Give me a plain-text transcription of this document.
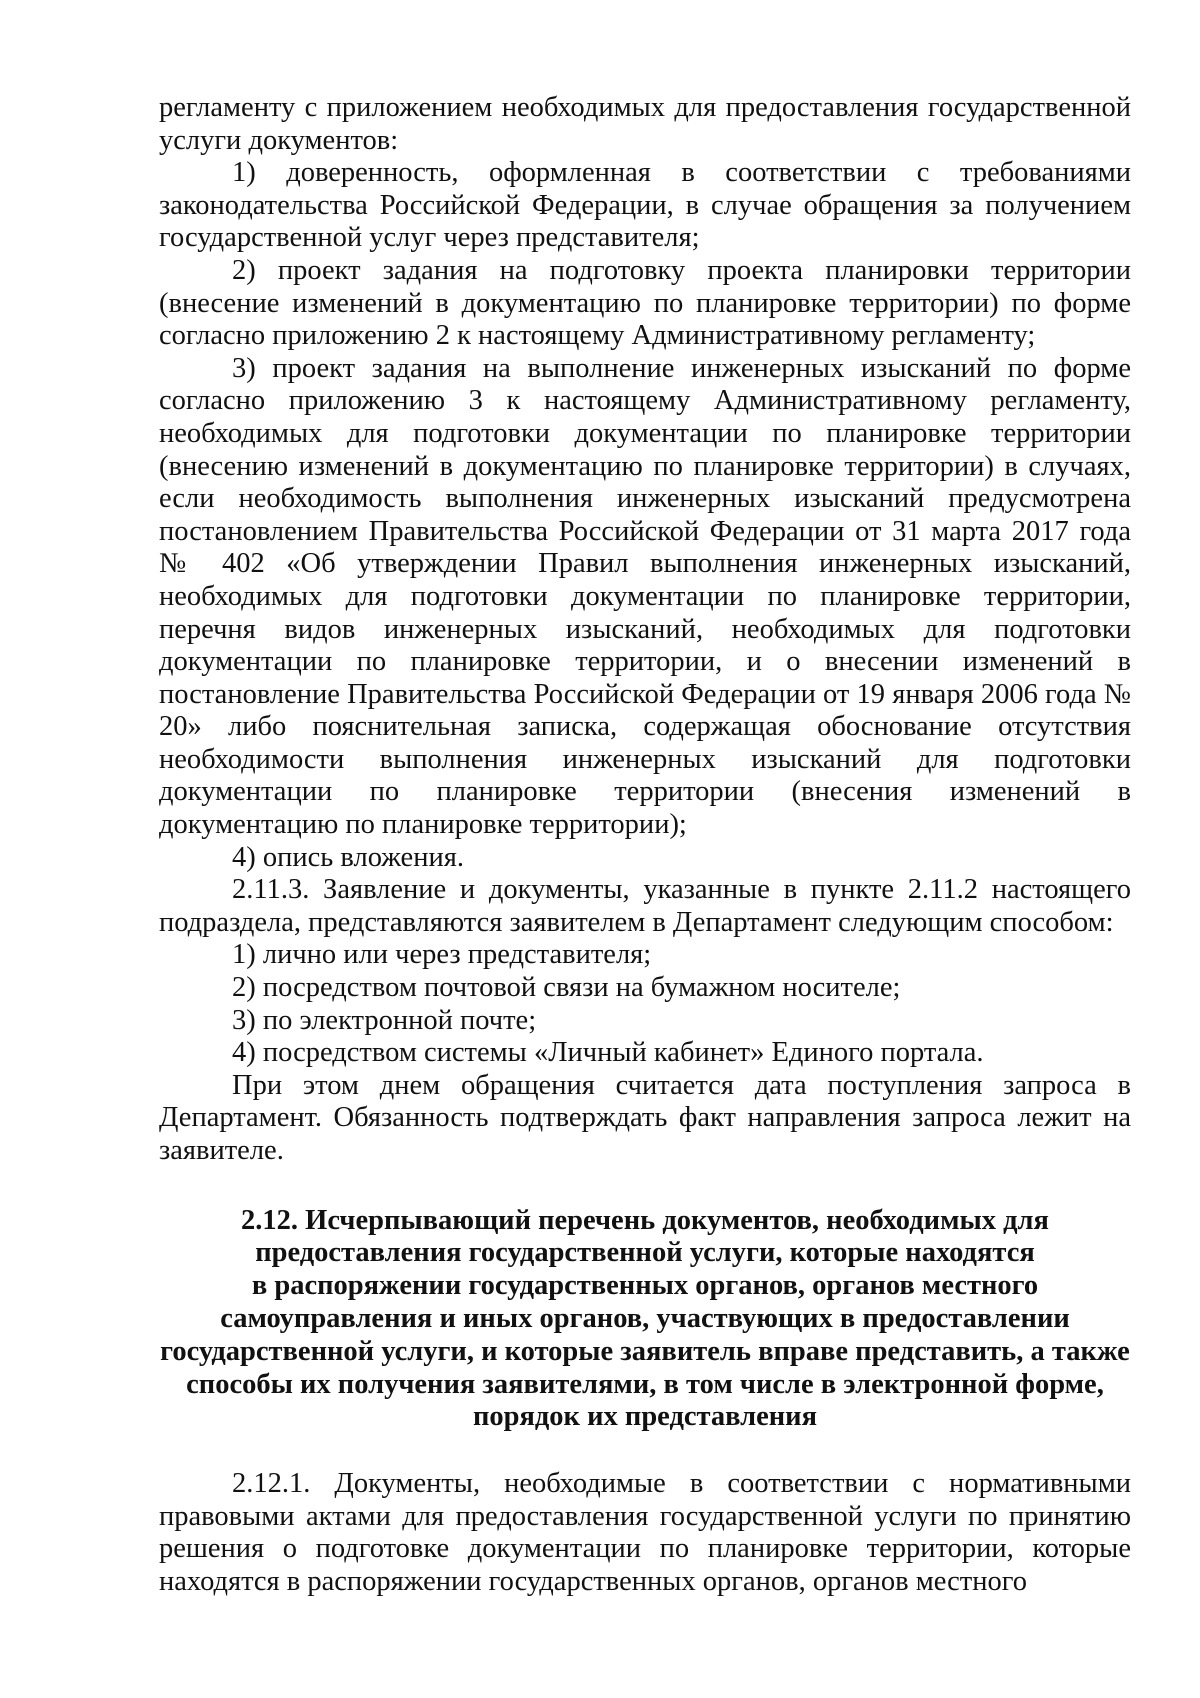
регламенту с приложением необходимых для предоставления государственной услуги документов:

1) доверенность, оформленная в соответствии с требованиями законодательства Российской Федерации, в случае обращения за получением государственной услуг через представителя;

2) проект задания на подготовку проекта планировки территории (внесение изменений в документацию по планировке территории) по форме согласно приложению 2 к настоящему Административному регламенту;

3) проект задания на выполнение инженерных изысканий по форме согласно приложению 3 к настоящему Административному регламенту, необходимых для подготовки документации по планировке территории (внесению изменений в документацию по планировке территории) в случаях, если необходимость выполнения инженерных изысканий предусмотрена постановлением Правительства Российской Федерации от 31 марта 2017 года № 402 «Об утверждении Правил выполнения инженерных изысканий, необходимых для подготовки документации по планировке территории, перечня видов инженерных изысканий, необходимых для подготовки документации по планировке территории, и о внесении изменений в постановление Правительства Российской Федерации от 19 января 2006 года № 20» либо пояснительная записка, содержащая обоснование отсутствия необходимости выполнения инженерных изысканий для подготовки документации по планировке территории (внесения изменений в документацию по планировке территории);

4) опись вложения.

2.11.3. Заявление и документы, указанные в пункте 2.11.2 настоящего подраздела, представляются заявителем в Департамент следующим способом:

1) лично или через представителя;

2) посредством почтовой связи на бумажном носителе;

3) по электронной почте;

4) посредством системы «Личный кабинет» Единого портала.

При этом днем обращения считается дата поступления запроса в Департамент. Обязанность подтверждать факт направления запроса лежит на заявителе.

2.12. Исчерпывающий перечень документов, необходимых для
предоставления государственной услуги, которые находятся
в распоряжении государственных органов, органов местного
самоуправления и иных органов, участвующих в предоставлении
государственной услуги, и которые заявитель вправе представить, а также
способы их получения заявителями, в том числе в электронной форме,
порядок их представления

2.12.1. Документы, необходимые в соответствии с нормативными правовыми актами для предоставления государственной услуги по принятию решения о подготовке документации по планировке территории, которые находятся в распоряжении государственных органов, органов местного
